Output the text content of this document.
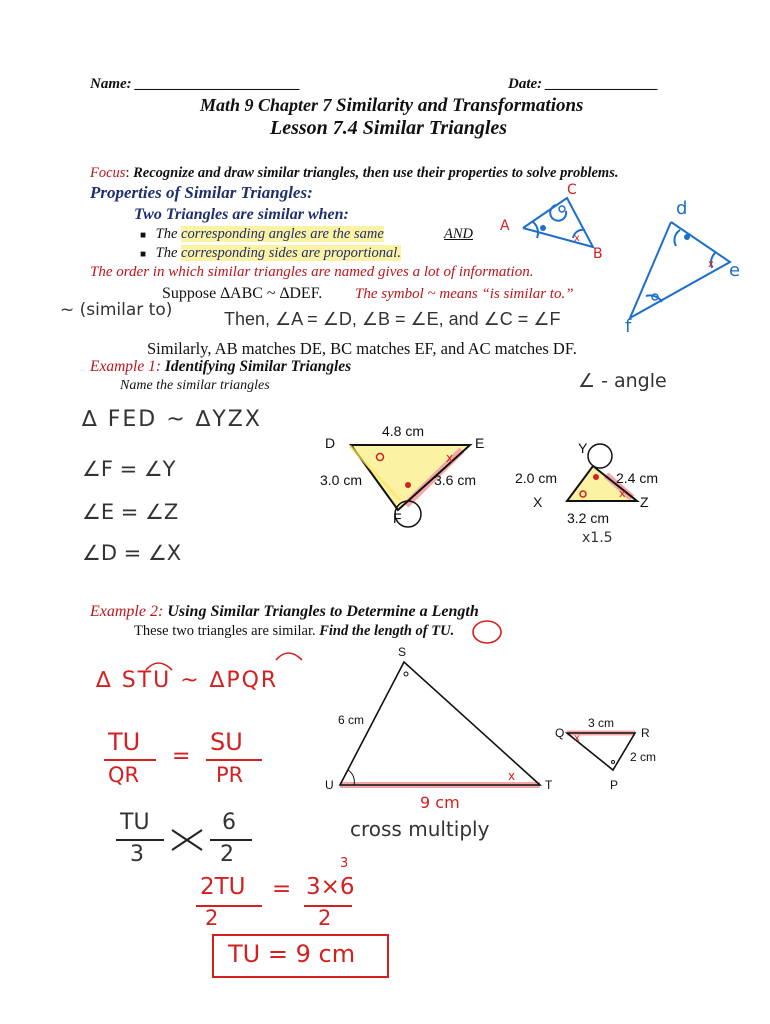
Name: ______________________	Date: _______________
Math 9 Chapter 7 Similarity and Transformations
Lesson 7.4 Similar Triangles
Focus: Recognize and draw similar triangles, then use their properties to solve problems.
Properties of Similar Triangles:
Two Triangles are similar when:
■ The corresponding angles are the same	AND
■ The corresponding sides are proportional.
The order in which similar triangles are named gives a lot of information.
Suppose ∆ABC ~ ∆DEF. The symbol ~ means “is similar to.”
Then, ∠A = ∠D, ∠B = ∠E, and ∠C = ∠F
Similarly, AB matches DE, BC matches EF, and AC matches DF.
Example 1: Identifying Similar Triangles
Name the similar triangles
Example 2: Using Similar Triangles to Determine a Length
These two triangles are similar. Find the length of TU.
x
x
x
x
x
x
D	E
F
4.8 cm
3.0 cm	3.6 cm
Y
X	Z
2.0 cm	2.4 cm
3.2 cm
S
6 cm
U	T
3 cm
Q	R
2 cm
P
A
B
C
d
e
f
~ (similar to)
∠ - angle
∆ FED ~ ∆YZX
∠F = ∠Y
∠E = ∠Z
∠D = ∠X
x1.5
∆ STU ~ ∆PQR
TU
QR
=
SU
PR
TU
3
6
2
9 cm
cross multiply
2TU = 3×6
3
2	2
TU = 9 cm
